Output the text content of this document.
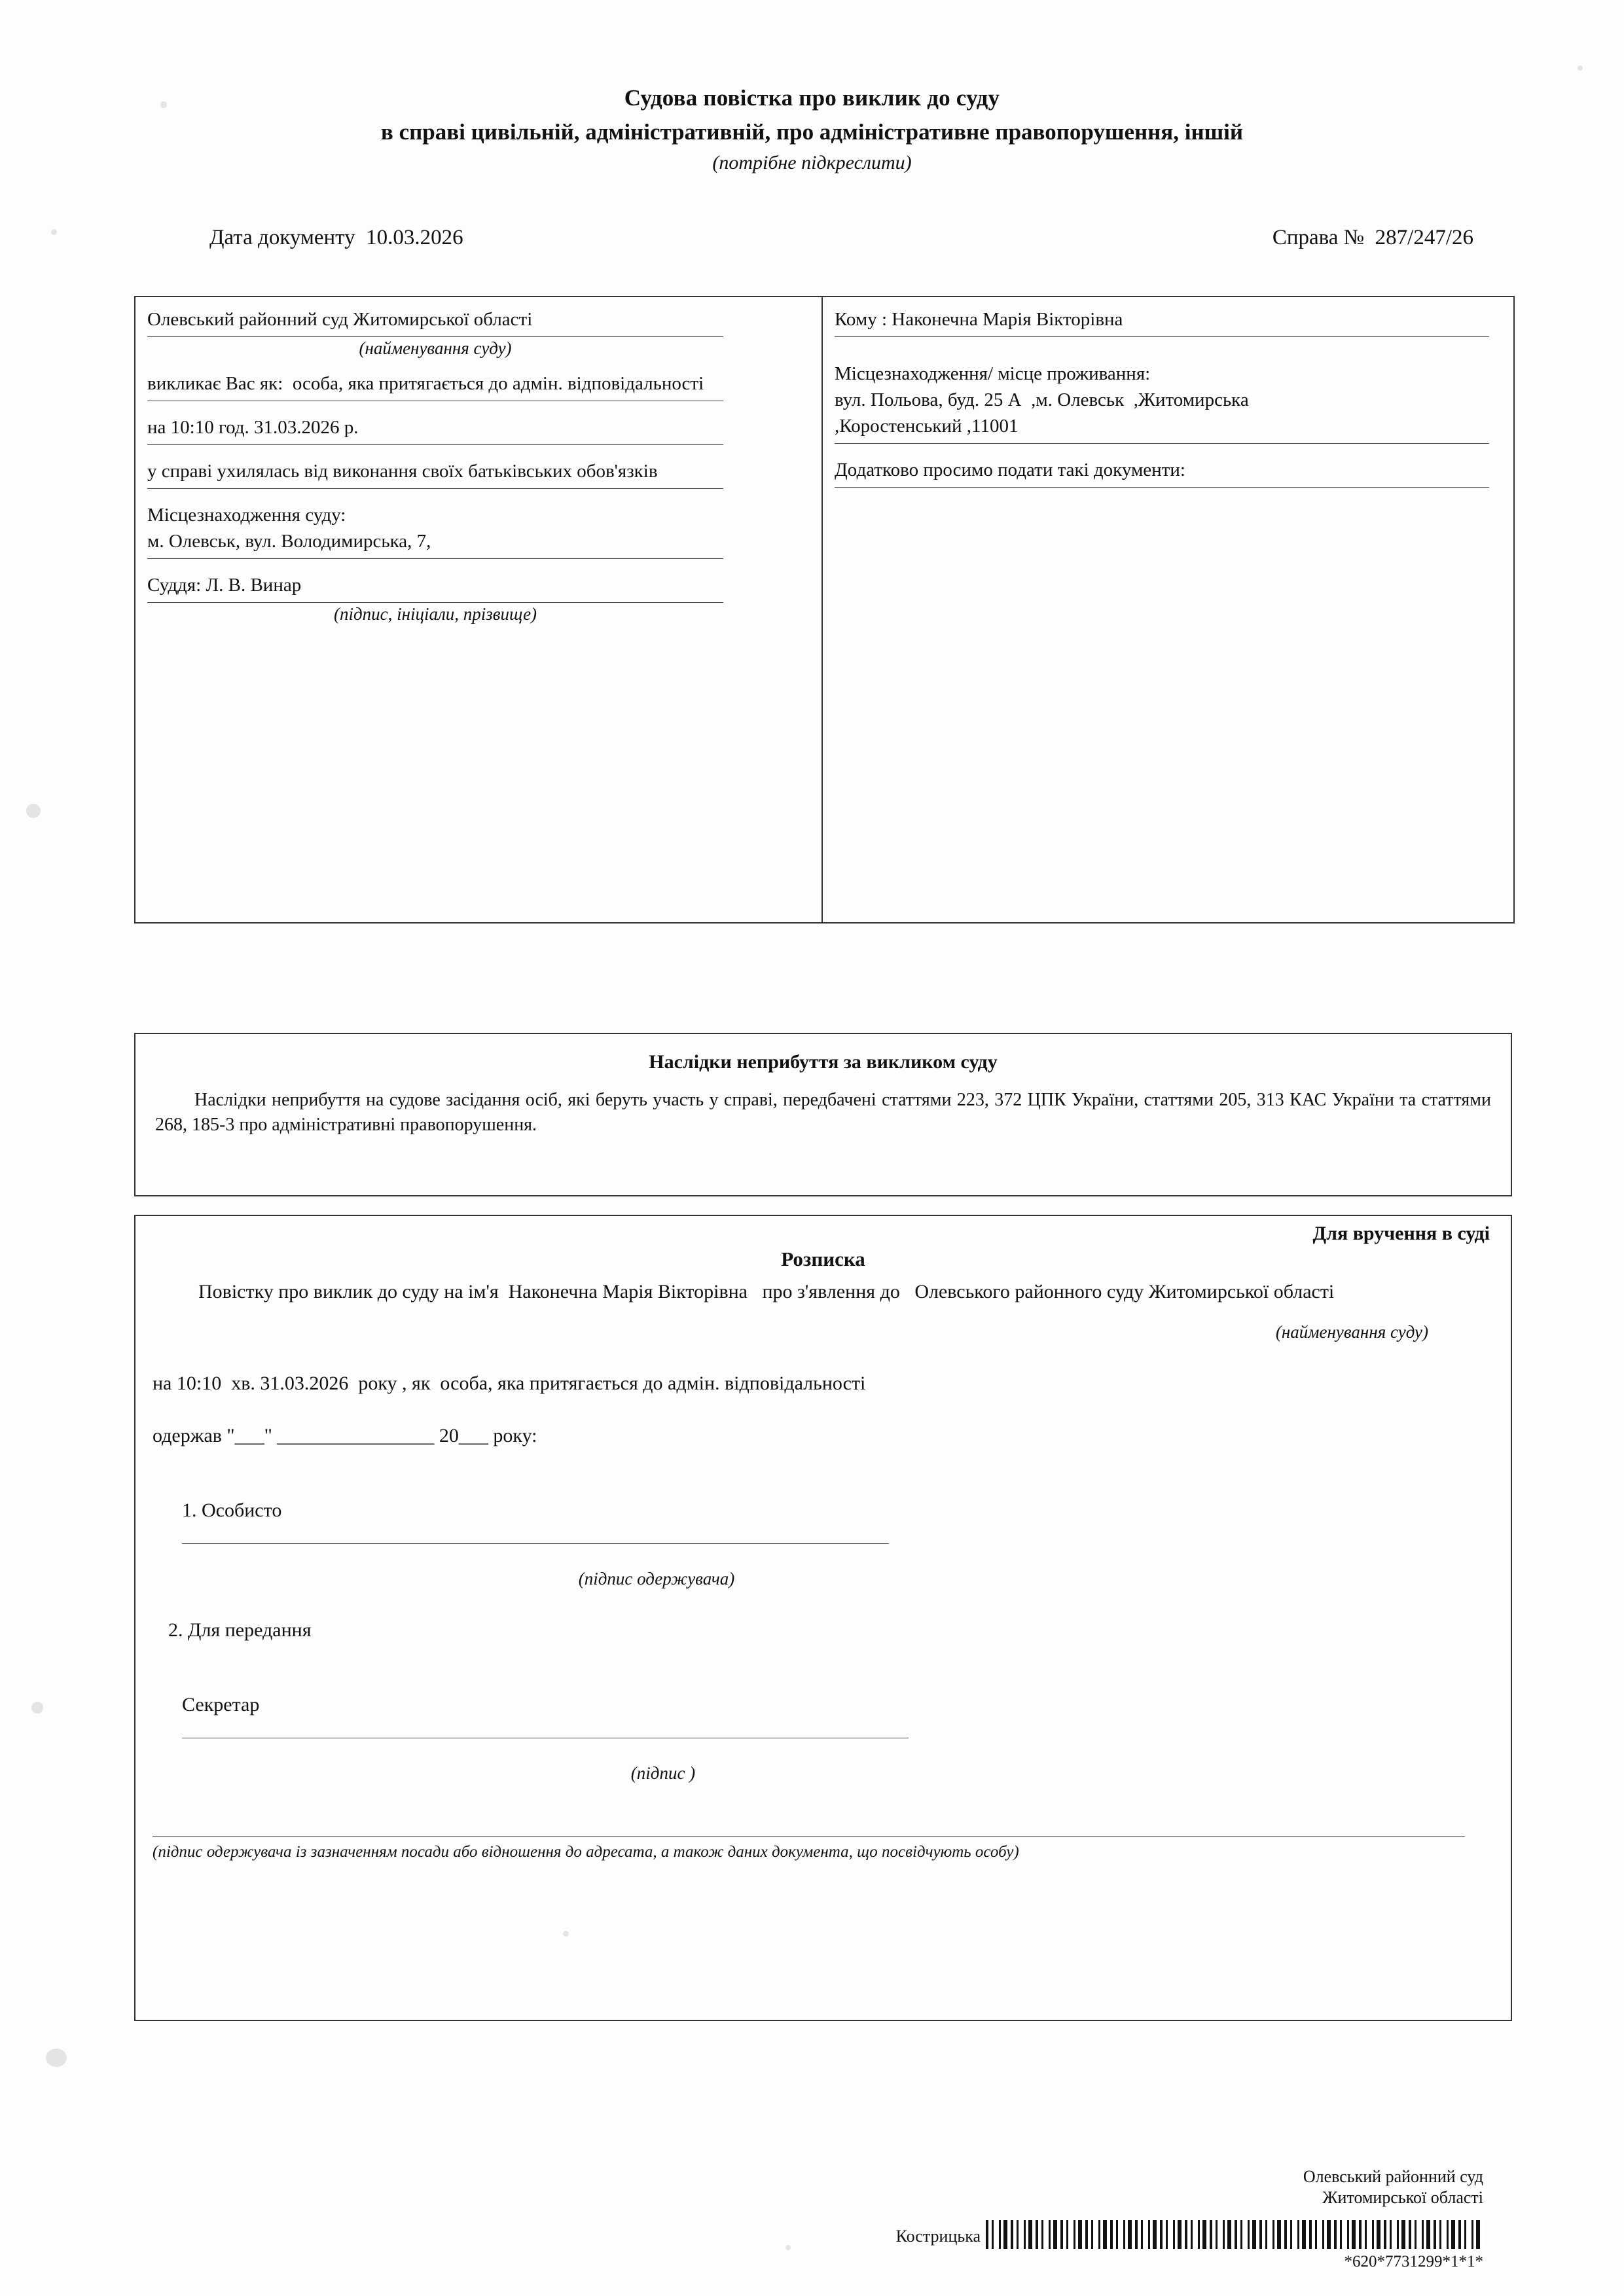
Судова повістка про виклик до суду
в справі цивільній, адміністративній, про адміністративне правопорушення, іншій
(потрібне підкреслити)
Дата документу  10.03.2026	Справа №  287/247/26
Олевський районний суд Житомирської області
(найменування суду)
викликає Вас як:  особа, яка притягається до адмін. відповідальності
на 10:10 год. 31.03.2026 р.
у справі ухилялась від виконання своїх батьківських обов'язків
Місцезнаходження суду:
м. Олевськ, вул. Володимирська, 7,
Суддя: Л. В. Винар
(підпис, ініціали, прізвище)
Кому : Наконечна Марія Вікторівна
Місцезнаходження/ місце проживання:
вул. Польова, буд. 25 А  ,м. Олевськ  ,Житомирська
,Коростенський ,11001
Додатково просимо подати такі документи:
Наслідки неприбуття за викликом суду
Наслідки неприбуття на судове засідання осіб, які беруть участь у справі, передбачені статтями 223, 372 ЦПК України, статтями 205, 313 КАС України та статтями 268, 185-3 про адміністративні правопорушення.
Для вручення в суді
Розписка
Повістку про виклик до суду на ім'я  Наконечна Марія Вікторівна   про з'явлення до   Олевського районного суду Житомирської області
(найменування суду)
на 10:10  хв. 31.03.2026  року , як  особа, яка притягається до адмін. відповідальності
одержав "___" ________________ 20___ року:

1. Особисто

(підпис одержувача)
2. Для передання

Секретар

(підпис )
(підпис одержувача із зазначенням посади або відношення до адресата, а також даних документа, що посвідчують особу)
Олевський районний суд
Житомирської області
Кострицька
*620*7731299*1*1*
